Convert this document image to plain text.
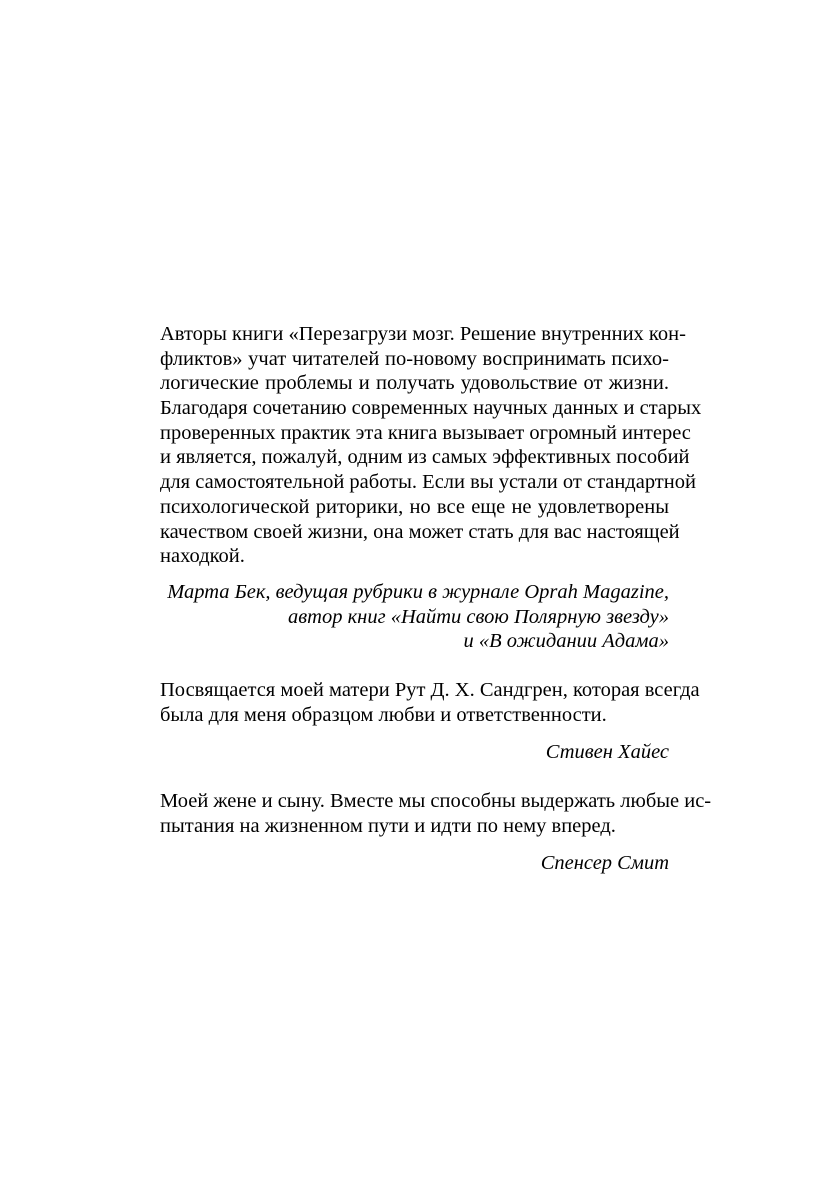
Авторы книги «Перезагрузи мозг. Решение внутренних кон-
фликтов» учат читателей по-новому воспринимать психо-
логические проблемы и получать удовольствие от жизни.
Благодаря сочетанию современных научных данных и старых
проверенных практик эта книга вызывает огромный интерес
и является, пожалуй, одним из самых эффективных пособий
для самостоятельной работы. Если вы устали от стандартной
психологической риторики, но все еще не удовлетворены
качеством своей жизни, она может стать для вас настоящей
находкой.
Марта Бек, ведущая рубрики в журнале Oprah Magazine,
автор книг «Найти свою Полярную звезду»
и «В ожидании Адама»
Посвящается моей матери Рут Д. Х. Сандгрен, которая всегда
была для меня образцом любви и ответственности.
Стивен Хайес
Моей жене и сыну. Вместе мы способны выдержать любые ис-
пытания на жизненном пути и идти по нему вперед.
Спенсер Смит
